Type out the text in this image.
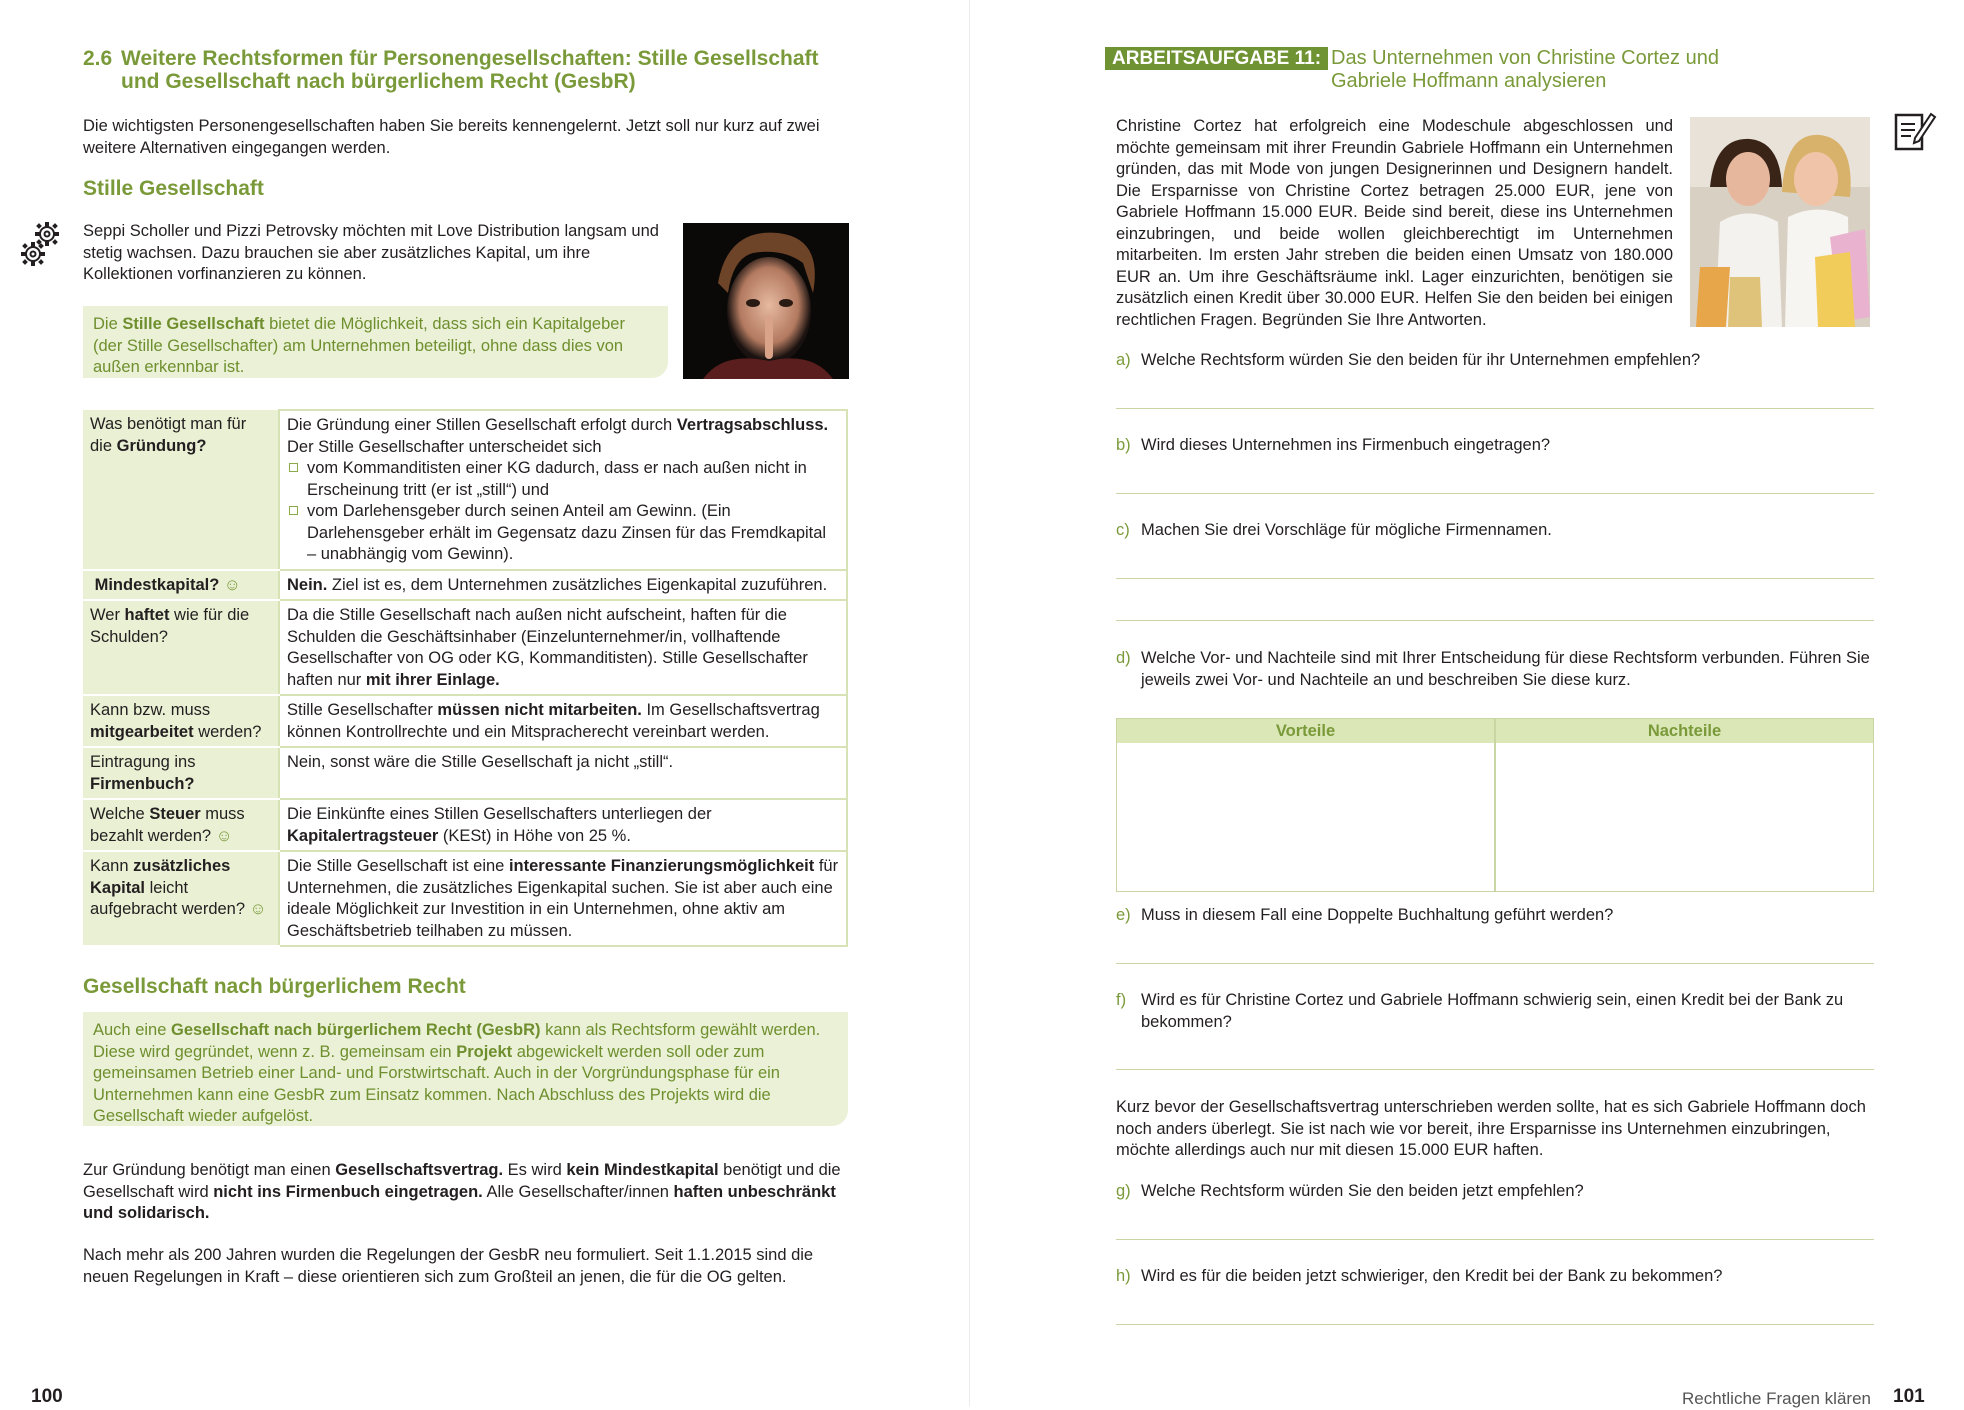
2.6 Weitere Rechtsformen für Personengesellschaften: Stille Gesellschaft
und Gesellschaft nach bürgerlichem Recht (GesbR)
Die wichtigsten Personengesellschaften haben Sie bereits kennengelernt. Jetzt soll nur kurz auf zwei weitere Alternativen eingegangen werden.
Stille Gesellschaft
Seppi Scholler und Pizzi Petrovsky möchten mit Love Distribution langsam und stetig wachsen. Dazu brauchen sie aber zusätzliches Kapital, um ihre Kollektionen vorfinanzieren zu können.
Die Stille Gesellschaft bietet die Möglichkeit, dass sich ein Kapitalgeber (der Stille Gesellschafter) am Unternehmen beteiligt, ohne dass dies von außen erkennbar ist.
Was benötigt man für die Gründung?	Die Gründung einer Stillen Gesellschaft erfolgt durch Vertragsabschluss.
Der Stille Gesellschafter unterscheidet sich
vom Kommanditisten einer KG dadurch, dass er nach außen nicht in Erscheinung tritt (er ist „still“) und
vom Darlehensgeber durch seinen Anteil am Gewinn. (Ein Darlehensgeber erhält im Gegensatz dazu Zinsen für das Fremdkapital – unabhängig vom Gewinn).

Mindestkapital? ☺	Nein. Ziel ist es, dem Unternehmen zusätzliches Eigenkapital zuzuführen.
Wer haftet wie für die Schulden?	Da die Stille Gesellschaft nach außen nicht aufscheint, haften für die Schulden die Geschäftsinhaber (Einzelunternehmer/in, vollhaftende Gesellschafter von OG oder KG, Kommanditisten). Stille Gesellschafter haften nur mit ihrer Einlage.
Kann bzw. muss mitgearbeitet werden?	Stille Gesellschafter müssen nicht mitarbeiten. Im Gesellschaftsvertrag können Kontrollrechte und ein Mitspracherecht vereinbart werden.
Eintragung ins Firmenbuch?	Nein, sonst wäre die Stille Gesellschaft ja nicht „still“.
Welche Steuer muss bezahlt werden? ☺	Die Einkünfte eines Stillen Gesellschafters unterliegen der Kapitalertragsteuer (KESt) in Höhe von 25 %.
Kann zusätzliches Kapital leicht aufgebracht werden? ☺	Die Stille Gesellschaft ist eine interessante Finanzierungsmöglichkeit für Unternehmen, die zusätzliches Eigenkapital suchen. Sie ist aber auch eine ideale Möglichkeit zur Investition in ein Unternehmen, ohne aktiv am Geschäftsbetrieb teilhaben zu müssen.
Gesellschaft nach bürgerlichem Recht
Auch eine Gesellschaft nach bürgerlichem Recht (GesbR) kann als Rechtsform gewählt werden. Diese wird gegründet, wenn z. B. gemeinsam ein Projekt abgewickelt werden soll oder zum gemeinsamen Betrieb einer Land- und Forstwirtschaft. Auch in der Vorgründungsphase für ein Unternehmen kann eine GesbR zum Einsatz kommen. Nach Abschluss des Projekts wird die Gesellschaft wieder aufgelöst.
Zur Gründung benötigt man einen Gesellschaftsvertrag. Es wird kein Mindestkapital benötigt und die Gesellschaft wird nicht ins Firmenbuch eingetragen. Alle Gesellschafter/innen haften unbeschränkt und solidarisch.
Nach mehr als 200 Jahren wurden die Regelungen der GesbR neu formuliert. Seit 1.1.2015 sind die neuen Regelungen in Kraft – diese orientieren sich zum Großteil an jenen, die für die OG gelten.
100
ARBEITSAUFGABE 11: Das Unternehmen von Christine Cortez und Gabriele Hoffmann analysieren
Christine Cortez hat erfolgreich eine Modeschule abgeschlossen und möchte gemeinsam mit ihrer Freundin Gabriele Hoffmann ein Unternehmen gründen, das mit Mode von jungen Designerinnen und Designern handelt. Die Ersparnisse von Christine Cortez betragen 25.000 EUR, jene von Gabriele Hoffmann 15.000 EUR. Beide sind bereit, diese ins Unternehmen einzubringen, und beide wollen gleichberechtigt im Unternehmen mitarbeiten. Im ersten Jahr streben die beiden einen Umsatz von 180.000 EUR an. Um ihre Geschäftsräume inkl. Lager einzurichten, benötigen sie zusätzlich einen Kredit über 30.000 EUR. Helfen Sie den beiden bei einigen rechtlichen Fragen. Begründen Sie Ihre Antworten.
a) Welche Rechtsform würden Sie den beiden für ihr Unternehmen empfehlen?
b) Wird dieses Unternehmen ins Firmenbuch eingetragen?
c) Machen Sie drei Vorschläge für mögliche Firmennamen.
d) Welche Vor- und Nachteile sind mit Ihrer Entscheidung für diese Rechtsform verbunden. Führen Sie jeweils zwei Vor- und Nachteile an und beschreiben Sie diese kurz.
Vorteile	Nachteile
e) Muss in diesem Fall eine Doppelte Buchhaltung geführt werden?
f) Wird es für Christine Cortez und Gabriele Hoffmann schwierig sein, einen Kredit bei der Bank zu bekommen?
Kurz bevor der Gesellschaftsvertrag unterschrieben werden sollte, hat es sich Gabriele Hoffmann doch noch anders überlegt. Sie ist nach wie vor bereit, ihre Ersparnisse ins Unternehmen einzubringen, möchte allerdings auch nur mit diesen 15.000 EUR haften.
g) Welche Rechtsform würden Sie den beiden jetzt empfehlen?
h) Wird es für die beiden jetzt schwieriger, den Kredit bei der Bank zu bekommen?
Rechtliche Fragen klären 101
